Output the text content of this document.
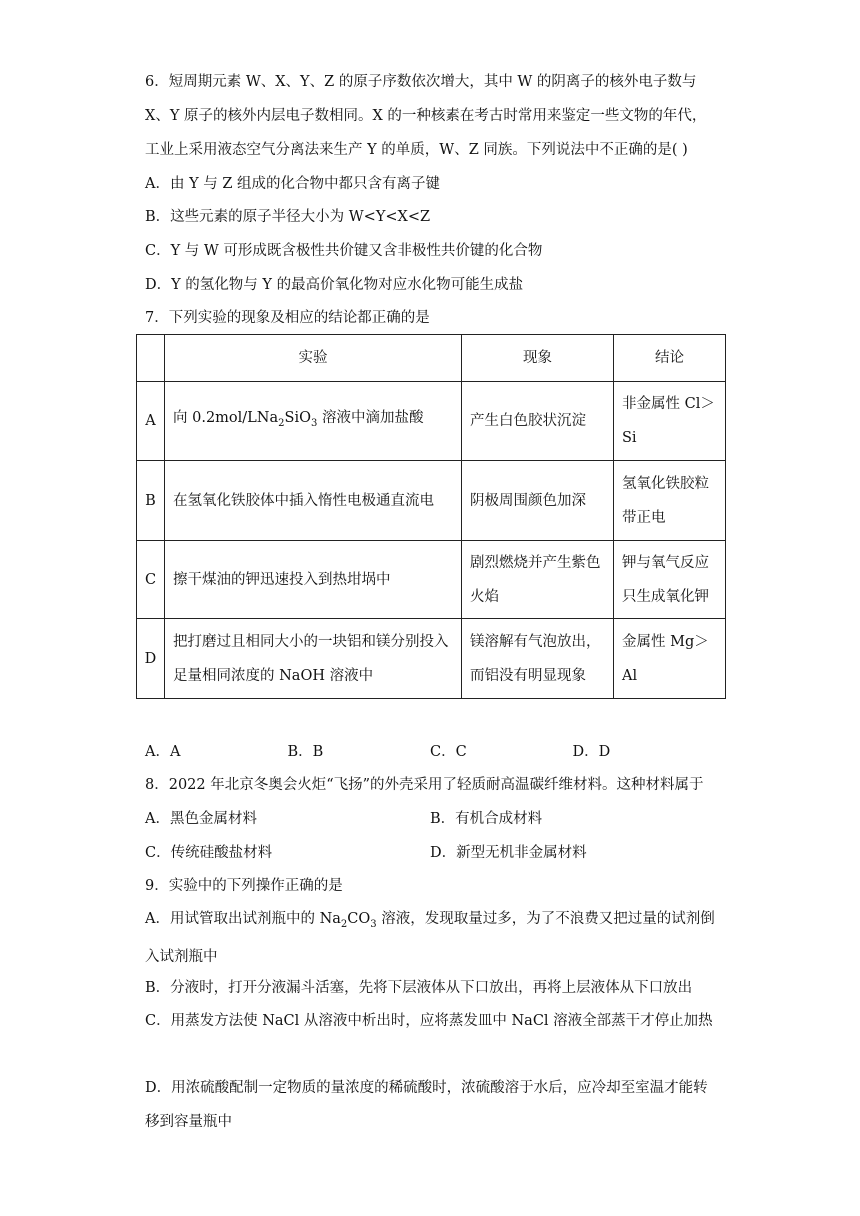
6．短周期元素 W、X、Y、Z 的原子序数依次增大，其中 W 的阴离子的核外电子数与
X、Y 原子的核外内层电子数相同。X 的一种核素在考古时常用来鉴定一些文物的年代，
工业上采用液态空气分离法来生产 Y 的单质，W、Z 同族。下列说法中不正确的是( )
A．由 Y 与 Z 组成的化合物中都只含有离子键
B．这些元素的原子半径大小为 W<Y<X<Z
C．Y 与 W 可形成既含极性共价键又含非极性共价键的化合物
D．Y 的氢化物与 Y 的最高价氧化物对应水化物可能生成盐
7．下列实验的现象及相应的结论都正确的是
	实验	现象	结论
A	向 0.2mol/LNa$_2$SiO$_3$ 溶液中滴加盐酸	产生白色胶状沉淀	非金属性 Cl＞Si
B	在氢氧化铁胶体中插入惰性电极通直流电	阴极周围颜色加深	氢氧化铁胶粒带正电
C	擦干煤油的钾迅速投入到热坩埚中	剧烈燃烧并产生紫色火焰	钾与氧气反应只生成氧化钾
D	把打磨过且相同大小的一块铝和镁分别投入足量相同浓度的 NaOH 溶液中	镁溶解有气泡放出，而铝没有明显现象	金属性 Mg＞Al
A．A	B．B	C．C	D．D
8．2022 年北京冬奥会火炬“飞扬”的外壳采用了轻质耐高温碳纤维材料。这种材料属于
A．黑色金属材料	B．有机合成材料
C．传统硅酸盐材料	D．新型无机非金属材料
9．实验中的下列操作正确的是
A．用试管取出试剂瓶中的 $Na_2CO_3$ 溶液，发现取量过多，为了不浪费又把过量的试剂倒入试剂瓶中
B．分液时，打开分液漏斗活塞，先将下层液体从下口放出，再将上层液体从下口放出
C．用蒸发方法使 NaCl 从溶液中析出时，应将蒸发皿中 NaCl 溶液全部蒸干才停止加热
D．用浓硫酸配制一定物质的量浓度的稀硫酸时，浓硫酸溶于水后，应冷却至室温才能转移到容量瓶中
